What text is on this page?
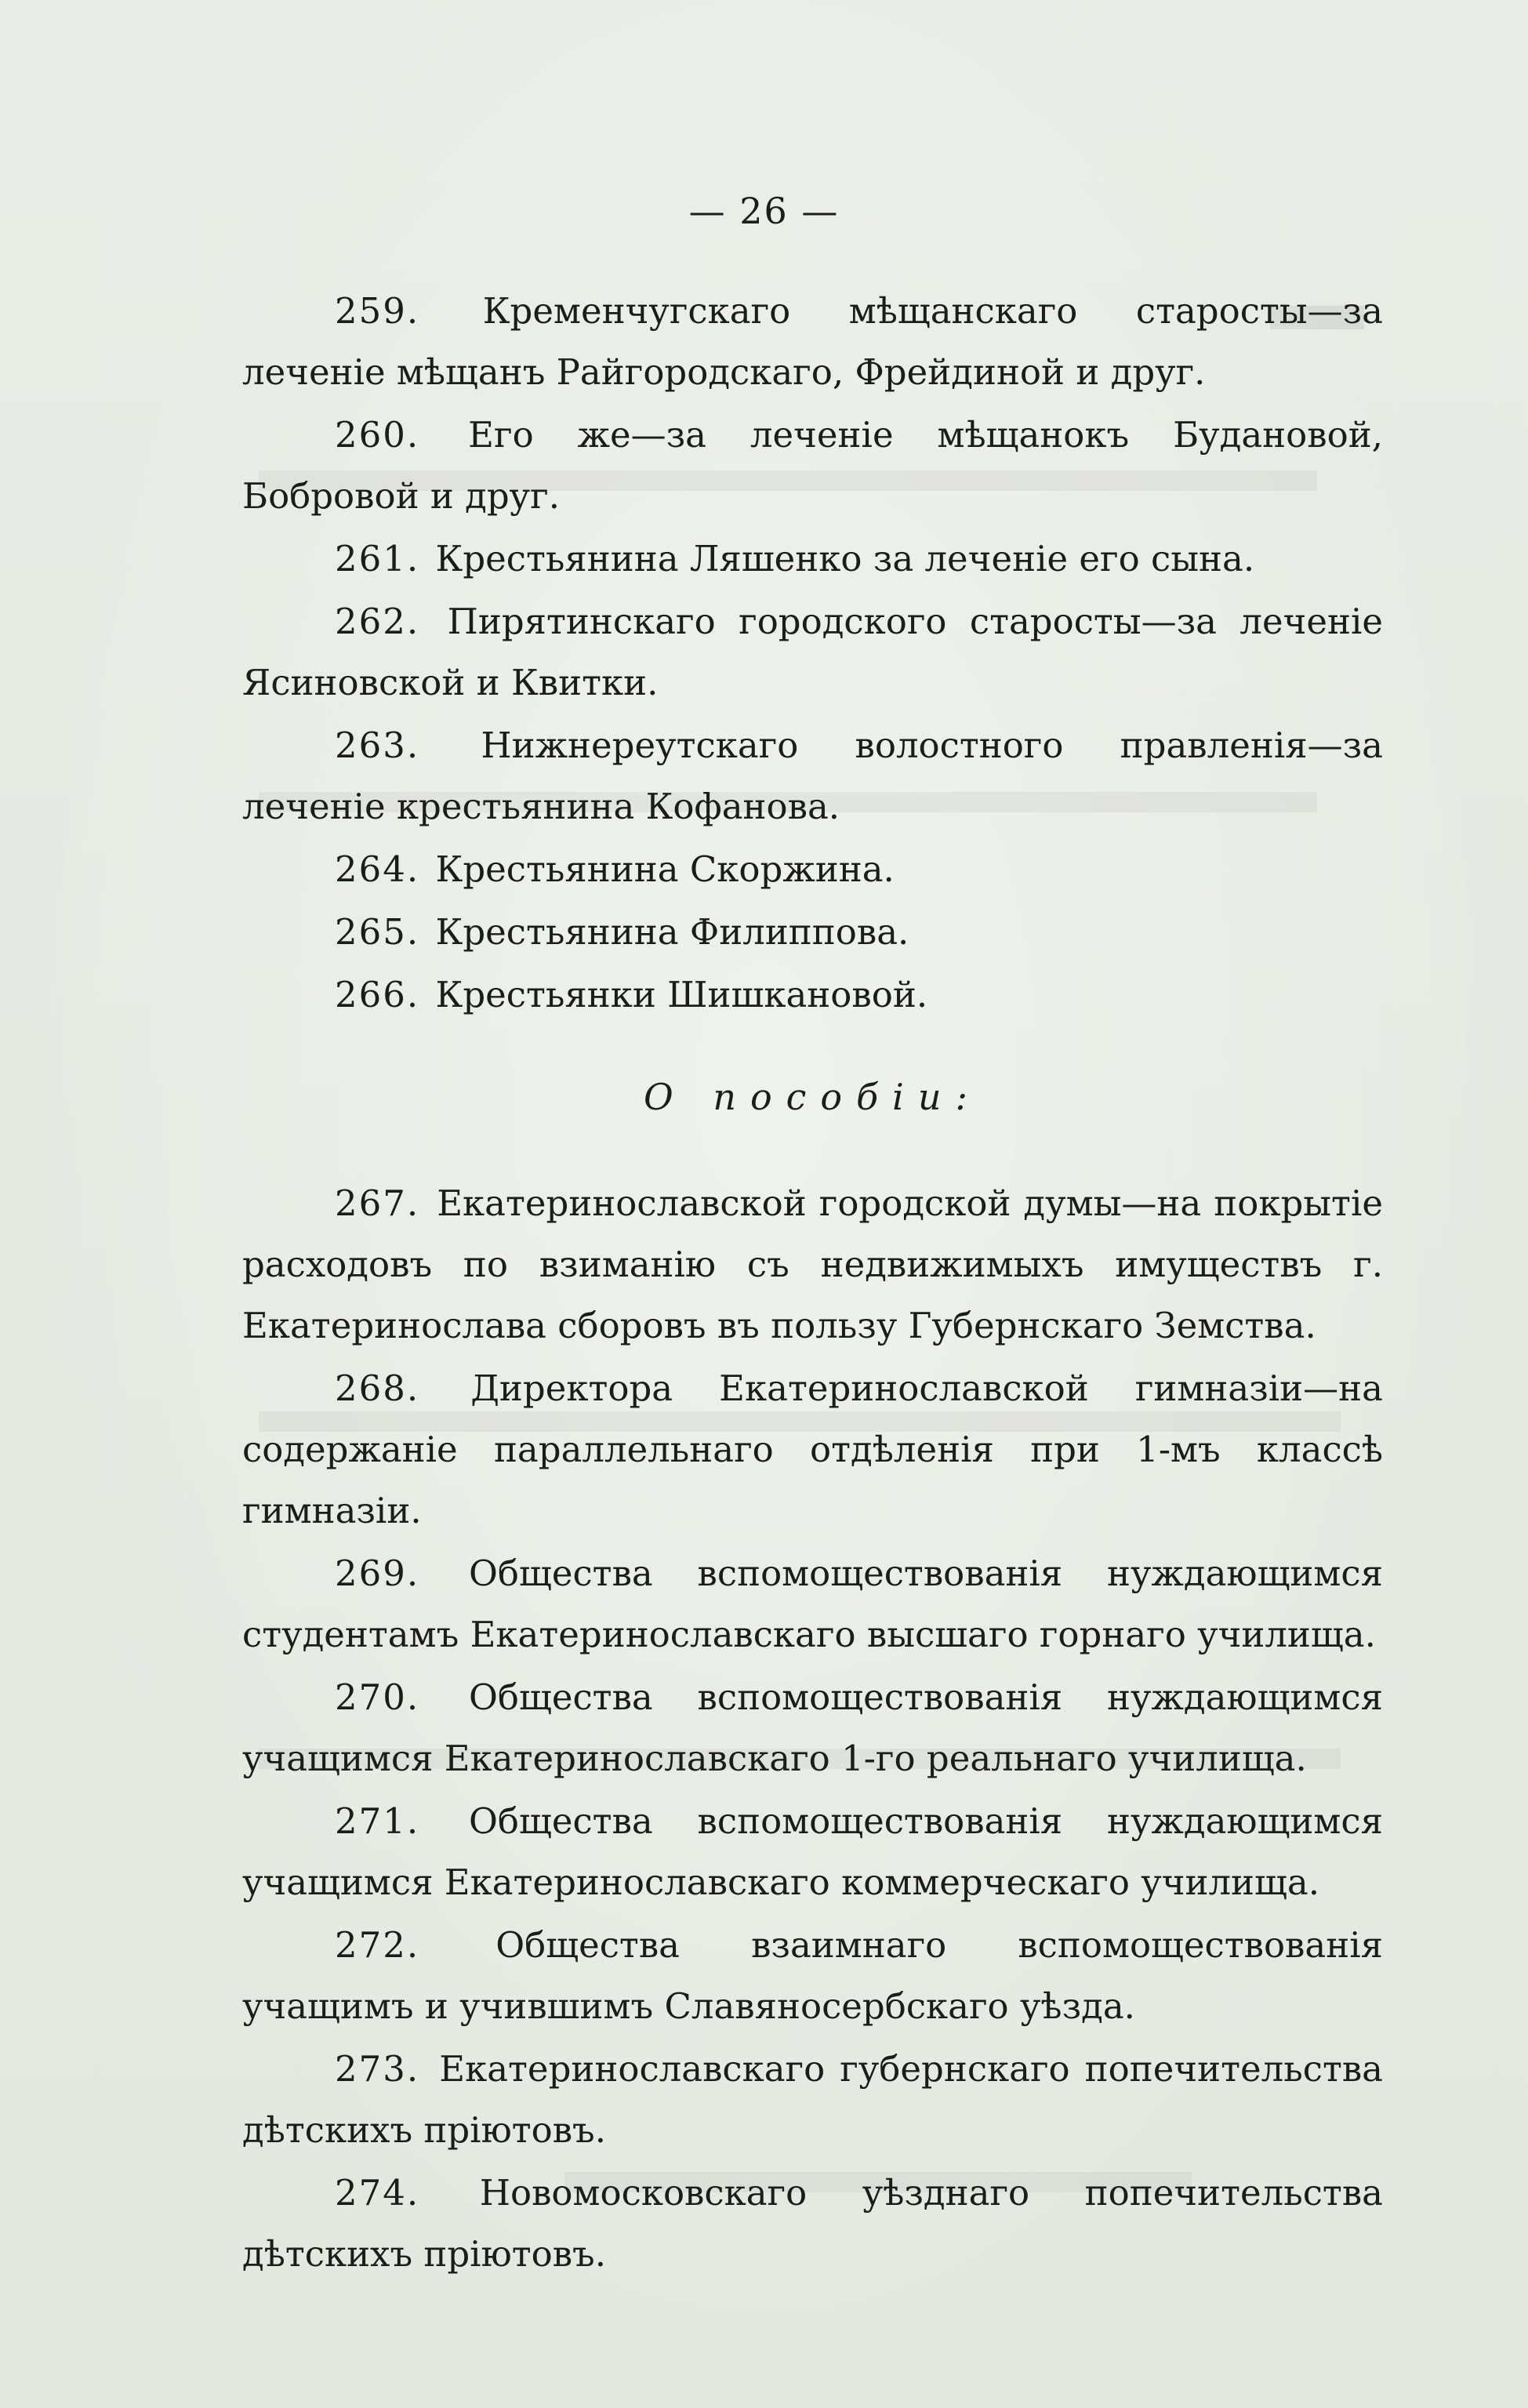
— 26 —
259. Кременчугскаго мѣщанскаго старосты—за леченіе мѣщанъ Райгородскаго, Фрейдиной и друг.
260. Его же—за леченіе мѣщанокъ Будановой, Бобровой и друг.
261. Крестьянина Ляшенко за леченіе его сына.
262. Пирятинскаго городского старосты—за леченіе Ясиновской и Квитки.
263. Нижнереутскаго волостного правленія—за леченіе крестьянина Кофанова.
264. Крестьянина Скоржина.
265. Крестьянина Филиппова.
266. Крестьянки Шишкановой.
О пособіи:
267. Екатеринославской городской думы—на покрытіе расходовъ по взиманію съ недвижимыхъ имуществъ г. Екатеринослава сборовъ въ пользу Губернскаго Земства.
268. Директора Екатеринославской гимназіи—на содержаніе параллельнаго отдѣленія при 1-мъ классѣ гимназіи.
269. Общества вспомоществованія нуждающимся студентамъ Екатеринославскаго высшаго горнаго училища.
270. Общества вспомоществованія нуждающимся учащимся Екатеринославскаго 1-го реальнаго училища.
271. Общества вспомоществованія нуждающимся учащимся Екатеринославскаго коммерческаго училища.
272. Общества взаимнаго вспомоществованія учащимъ и учившимъ Славяносербскаго уѣзда.
273. Екатеринославскаго губернскаго попечительства дѣтскихъ пріютовъ.
274. Новомосковскаго уѣзднаго попечительства дѣтскихъ пріютовъ.
